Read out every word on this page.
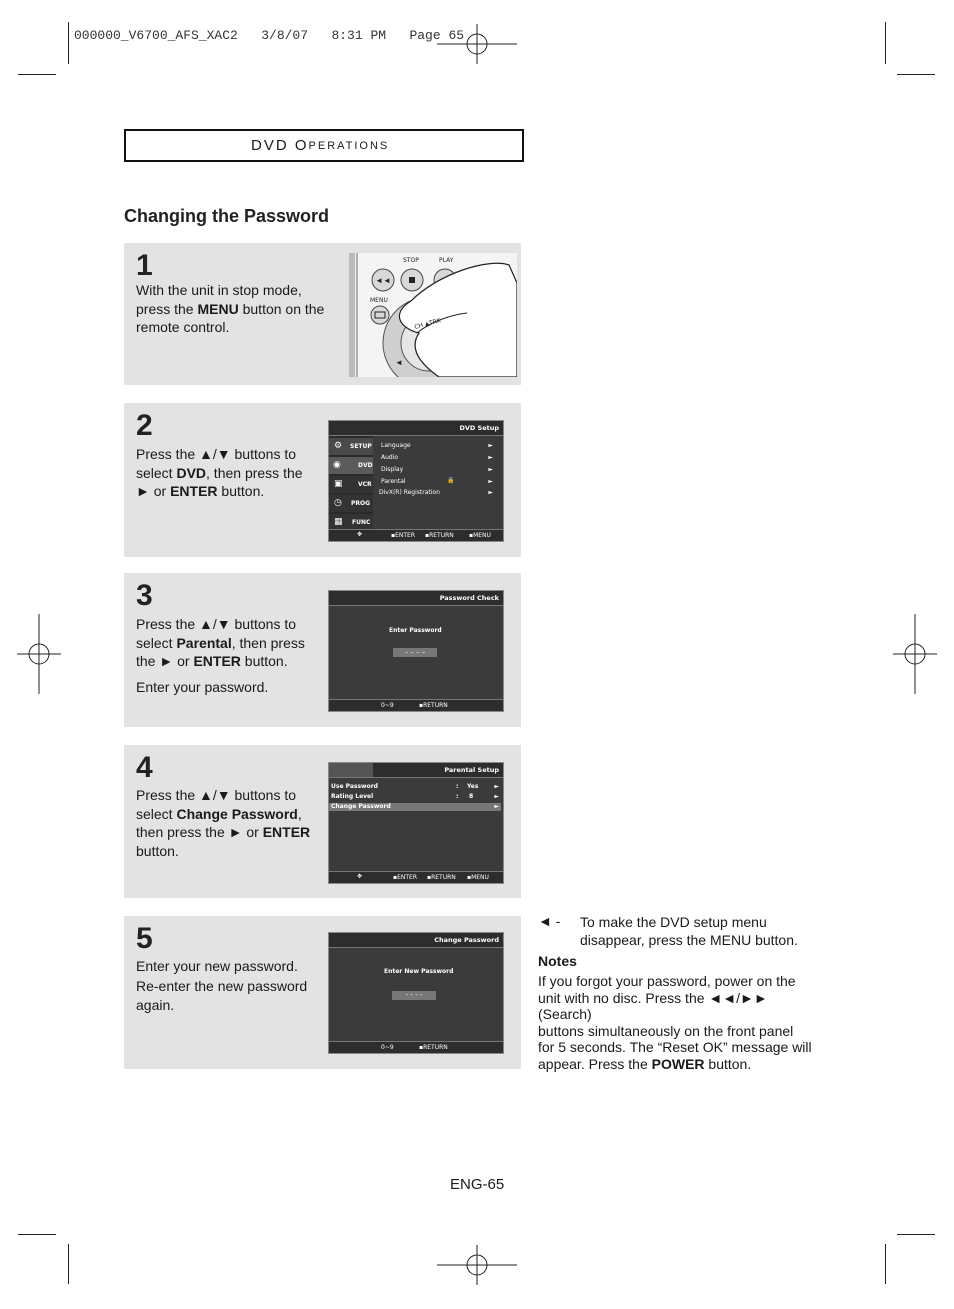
000000_V6700_AFS_XAC2   3/8/07   8:31 PM   Page 65
DVD O PERATIONS
Changing the Password
1
With the unit in stop mode,
press the MENU button on the
remote control.
◄◄
◄
STOP	PLAY
MENU
CH ▲TRK
2
Press the ▲/▼ buttons to
select DVD, then press the
► or ENTER button.
DVD Setup
⚙ SETUP
◉	DVD
▣	VCR
◷ PROG
▦ FUNC
Language	►
Audio	►
Display	►
Parental	🔒	►
DivX(R) Registration	►
✥	▪ENTER ▪RETURN	▪MENU
3
Press the ▲/▼ buttons to
select Parental, then press
the ► or ENTER button.
Enter your password.
Password Check
Enter Password
– – – –
0~9	▪RETURN
4
Press the ▲/▼ buttons to
select Change Password,
then press the ► or ENTER
button.
Parental Setup
Use Password	: Yes	►
Rating Level	: 8	►
Change Password	►
✥	▪ENTER ▪RETURN ▪MENU
5
Enter your new password.
Re-enter the new password
again.
Change Password
Enter New Password
- - - -
0~9	▪RETURN
◄ - To make the DVD setup menu
disappear, press the MENU button.
Notes
If you forgot your password, power on the
unit with no disc. Press the ◄◄/►► (Search)
buttons simultaneously on the front panel
for 5 seconds. The “Reset OK” message will
appear. Press the POWER button.
ENG-65
